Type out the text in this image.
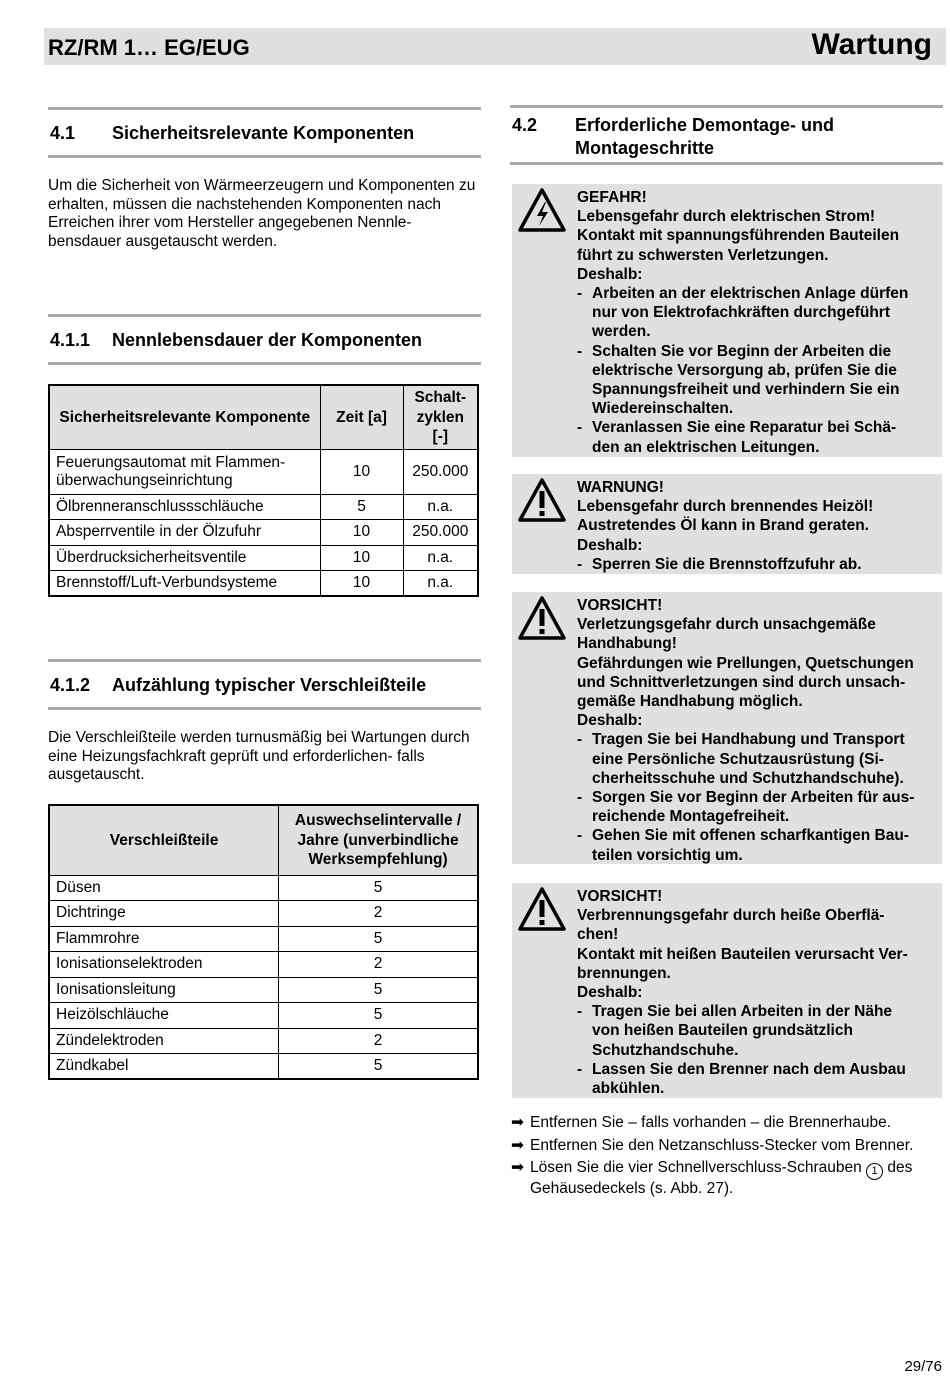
RZ/RM 1… EG/EUG	Wartung
4.1 Sicherheitsrelevante Komponenten
Um die Sicherheit von Wärmeerzeugern und Komponenten zu erhalten, müssen die nachstehenden Komponenten nach Erreichen ihrer vom Hersteller angegebenen Nennle- bensdauer ausgetauscht werden.
4.1.1 Nennlebensdauer der Komponenten
Sicherheitsrelevante Komponente	Zeit [a]	Schalt- zyklen [-]
Feuerungsautomat mit Flammen- überwachungseinrichtung	10	250.000
Ölbrenneranschlussschläuche	5	n.a.
Absperrventile in der Ölzufuhr	10	250.000
Überdrucksicherheitsventile	10	n.a.
Brennstoff/Luft-Verbundsysteme	10	n.a.
4.1.2 Aufzählung typischer Verschleißteile
Die Verschleißteile werden turnusmäßig bei Wartungen durch eine Heizungsfachkraft geprüft und erforderlichen- falls ausgetauscht.
Verschleißteile	Auswechselintervalle / Jahre (unverbindliche Werksempfehlung)
Düsen	5
Dichtringe	2
Flammrohre	5
Ionisationselektroden	2
Ionisationsleitung	5
Heizölschläuche	5
Zündelektroden	2
Zündkabel	5
4.2 Erforderliche Demontage- und
Montageschritte
GEFAHR!
Lebensgefahr durch elektrischen Strom!
Kontakt mit spannungsführenden Bauteilen
führt zu schwersten Verletzungen.
Deshalb:
- Arbeiten an der elektrischen Anlage dürfen
nur von Elektrofachkräften durchgeführt
werden.
- Schalten Sie vor Beginn der Arbeiten die
elektrische Versorgung ab, prüfen Sie die
Spannungsfreiheit und verhindern Sie ein
Wiedereinschalten.
- Veranlassen Sie eine Reparatur bei Schä-
den an elektrischen Leitungen.
WARNUNG!
Lebensgefahr durch brennendes Heizöl!
Austretendes Öl kann in Brand geraten.
Deshalb:
- Sperren Sie die Brennstoffzufuhr ab.
VORSICHT!
Verletzungsgefahr durch unsachgemäße
Handhabung!
Gefährdungen wie Prellungen, Quetschungen
und Schnittverletzungen sind durch unsach-
gemäße Handhabung möglich.
Deshalb:
- Tragen Sie bei Handhabung und Transport
eine Persönliche Schutzausrüstung (Si-
cherheitsschuhe und Schutzhandschuhe).
- Sorgen Sie vor Beginn der Arbeiten für aus-
reichende Montagefreiheit.
- Gehen Sie mit offenen scharfkantigen Bau-
teilen vorsichtig um.
VORSICHT!
Verbrennungsgefahr durch heiße Oberflä-
chen!
Kontakt mit heißen Bauteilen verursacht Ver-
brennungen.
Deshalb:
- Tragen Sie bei allen Arbeiten in der Nähe
von heißen Bauteilen grundsätzlich
Schutzhandschuhe.
- Lassen Sie den Brenner nach dem Ausbau
abkühlen.
➡ Entfernen Sie – falls vorhanden – die Brennerhaube.
➡ Entfernen Sie den Netzanschluss-Stecker vom Brenner.
➡ Lösen Sie die vier Schnellverschluss-Schrauben 1 des Gehäusedeckels (s. Abb. 27).
29/76
